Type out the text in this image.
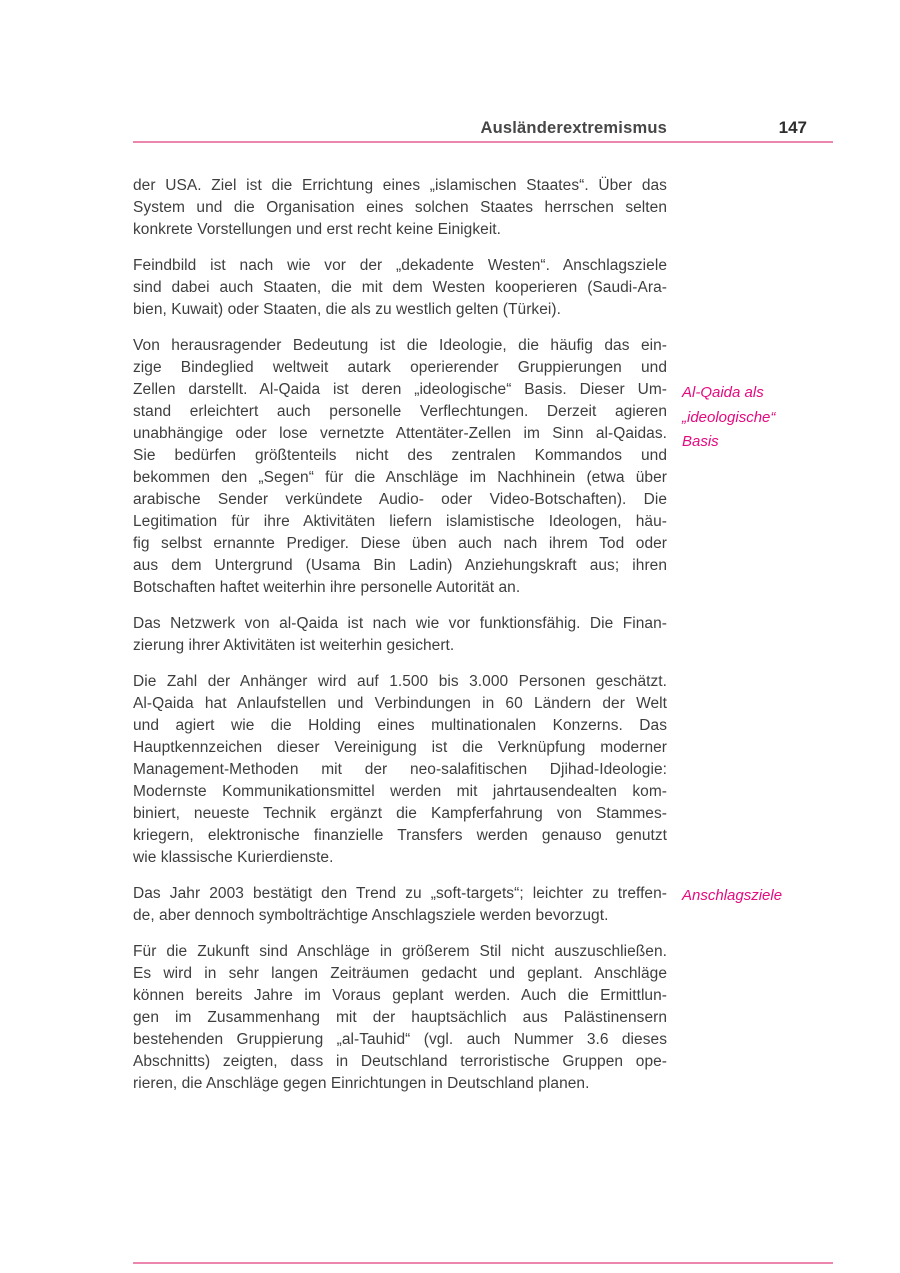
Ausländerextremismus	147
der USA. Ziel ist die Errichtung eines „islamischen Staates“. Über das
System und die Organisation eines solchen Staates herrschen selten
konkrete Vorstellungen und erst recht keine Einigkeit.
Feindbild ist nach wie vor der „dekadente Westen“. Anschlagsziele
sind dabei auch Staaten, die mit dem Westen kooperieren (Saudi-Ara-
bien, Kuwait) oder Staaten, die als zu westlich gelten (Türkei).
Von herausragender Bedeutung ist die Ideologie, die häufig das ein-
zige Bindeglied weltweit autark operierender Gruppierungen und
Zellen darstellt. Al-Qaida ist deren „ideologische“ Basis. Dieser Um-
stand erleichtert auch personelle Verflechtungen. Derzeit agieren
unabhängige oder lose vernetzte Attentäter-Zellen im Sinn al-Qaidas.
Sie bedürfen größtenteils nicht des zentralen Kommandos und
bekommen den „Segen“ für die Anschläge im Nachhinein (etwa über
arabische Sender verkündete Audio- oder Video-Botschaften). Die
Legitimation für ihre Aktivitäten liefern islamistische Ideologen, häu-
fig selbst ernannte Prediger. Diese üben auch nach ihrem Tod oder
aus dem Untergrund (Usama Bin Ladin) Anziehungskraft aus; ihren
Botschaften haftet weiterhin ihre personelle Autorität an.
Das Netzwerk von al-Qaida ist nach wie vor funktionsfähig. Die Finan-
zierung ihrer Aktivitäten ist weiterhin gesichert.
Die Zahl der Anhänger wird auf 1.500 bis 3.000 Personen geschätzt.
Al-Qaida hat Anlaufstellen und Verbindungen in 60 Ländern der Welt
und agiert wie die Holding eines multinationalen Konzerns. Das
Hauptkennzeichen dieser Vereinigung ist die Verknüpfung moderner
Management-Methoden mit der neo-salafitischen Djihad-Ideologie:
Modernste Kommunikationsmittel werden mit jahrtausendealten kom-
biniert, neueste Technik ergänzt die Kampferfahrung von Stammes-
kriegern, elektronische finanzielle Transfers werden genauso genutzt
wie klassische Kurierdienste.
Das Jahr 2003 bestätigt den Trend zu „soft-targets“; leichter zu treffen-
de, aber dennoch symbolträchtige Anschlagsziele werden bevorzugt.
Für die Zukunft sind Anschläge in größerem Stil nicht auszuschließen.
Es wird in sehr langen Zeiträumen gedacht und geplant. Anschläge
können bereits Jahre im Voraus geplant werden. Auch die Ermittlun-
gen im Zusammenhang mit der hauptsächlich aus Palästinensern
bestehenden Gruppierung „al-Tauhid“ (vgl. auch Nummer 3.6 dieses
Abschnitts) zeigten, dass in Deutschland terroristische Gruppen ope-
rieren, die Anschläge gegen Einrichtungen in Deutschland planen.
Al-Qaida als
„ideologische“
Basis
Anschlagsziele
